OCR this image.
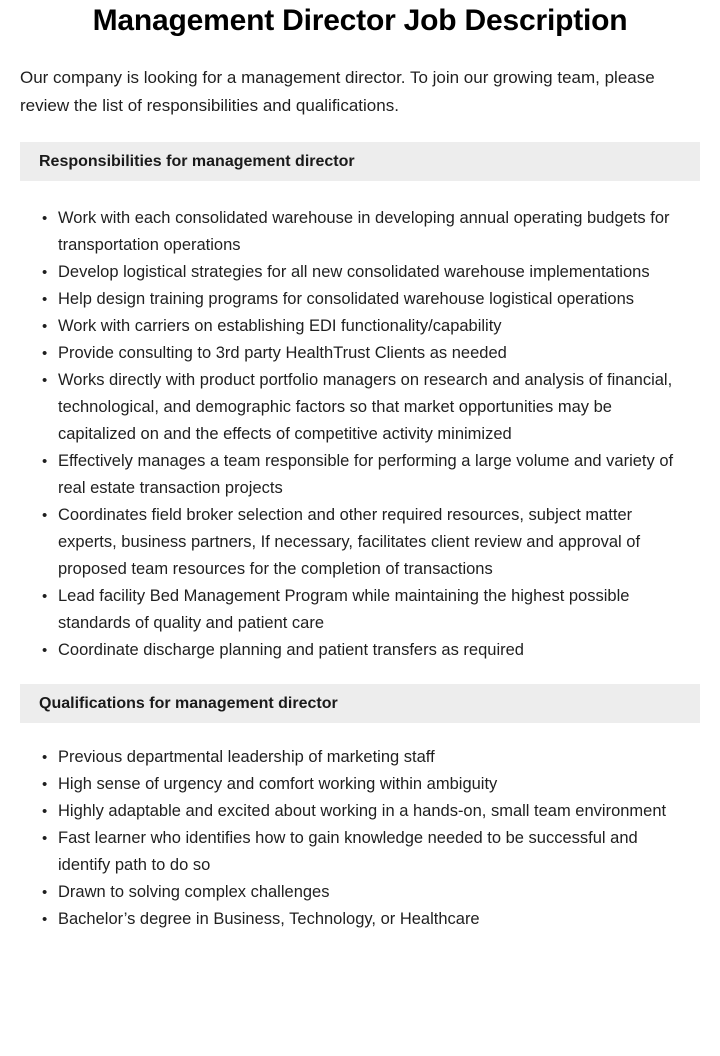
Management Director Job Description

Our company is looking for a management director. To join our growing team, please review the list of responsibilities and qualifications.

Responsibilities for management director
• Work with each consolidated warehouse in developing annual operating budgets for transportation operations
• Develop logistical strategies for all new consolidated warehouse implementations
• Help design training programs for consolidated warehouse logistical operations
• Work with carriers on establishing EDI functionality/capability
• Provide consulting to 3rd party HealthTrust Clients as needed
• Works directly with product portfolio managers on research and analysis of financial, technological, and demographic factors so that market opportunities may be capitalized on and the effects of competitive activity minimized
• Effectively manages a team responsible for performing a large volume and variety of real estate transaction projects
• Coordinates field broker selection and other required resources, subject matter experts, business partners, If necessary, facilitates client review and approval of proposed team resources for the completion of transactions
• Lead facility Bed Management Program while maintaining the highest possible standards of quality and patient care
• Coordinate discharge planning and patient transfers as required
Qualifications for management director
• Previous departmental leadership of marketing staff
• High sense of urgency and comfort working within ambiguity
• Highly adaptable and excited about working in a hands-on, small team environment
• Fast learner who identifies how to gain knowledge needed to be successful and identify path to do so
• Drawn to solving complex challenges
• Bachelor’s degree in Business, Technology, or Healthcare
